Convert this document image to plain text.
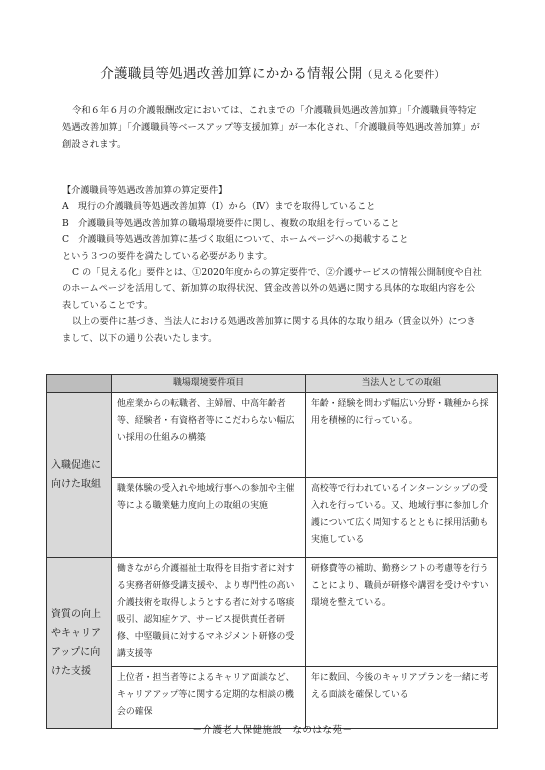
介護職員等処遇改善加算にかかる情報公開（見える化要件）
令和６年６月の介護報酬改定においては、これまでの「介護職員処遇改善加算」「介護職員等特定処遇改善加算」「介護職員等ベースアップ等支援加算」が一本化され、「介護職員等処遇改善加算」が創設されます。
【介護職員等処遇改善加算の算定要件】
A　現行の介護職員等処遇改善加算（Ⅰ）から（Ⅳ）までを取得していること
B　介護職員等処遇改善加算の職場環境要件に関し、複数の取組を行っていること
C　介護職員等処遇改善加算に基づく取組について、ホームページへの掲載すること
という３つの要件を満たしている必要があります。
C の「見える化」要件とは、①2020年度からの算定要件で、②介護サービスの情報公開制度や自社のホームページを活用して、新加算の取得状況、賃金改善以外の処遇に関する具体的な取組内容を公表していることです。
以上の要件に基づき、当法人における処遇改善加算に関する具体的な取り組み（賃金以外）につきまして、以下の通り公表いたします。
	職場環境要件項目	当法人としての取組
入職促進に向けた取組	他産業からの転職者、主婦層、中高年齢者等、経験者・有資格者等にこだわらない幅広い採用の仕組みの構築	年齢・経験を問わず幅広い分野・職種から採用を積極的に行っている。
	職業体験の受入れや地域行事への参加や主催等による職業魅力度向上の取組の実施	高校等で行われているインターンシップの受入れを行っている。又、地域行事に参加し介護について広く周知するとともに採用活動も実施している
資質の向上やキャリアアップに向けた支援	働きながら介護福祉士取得を目指す者に対する実務者研修受講支援や、より専門性の高い介護技術を取得しようとする者に対する喀痰吸引、認知症ケア、サービス提供責任者研修、中堅職員に対するマネジメント研修の受講支援等	研修費等の補助、勤務シフトの考慮等を行うことにより、職員が研修や講習を受けやすい環境を整えている。
	上位者・担当者等によるキャリア面談など、キャリアアップ等に関する定期的な相談の機会の確保	年に数回、今後のキャリアプランを一緒に考える面談を確保している
－介護老人保健施設　なのはな苑－
